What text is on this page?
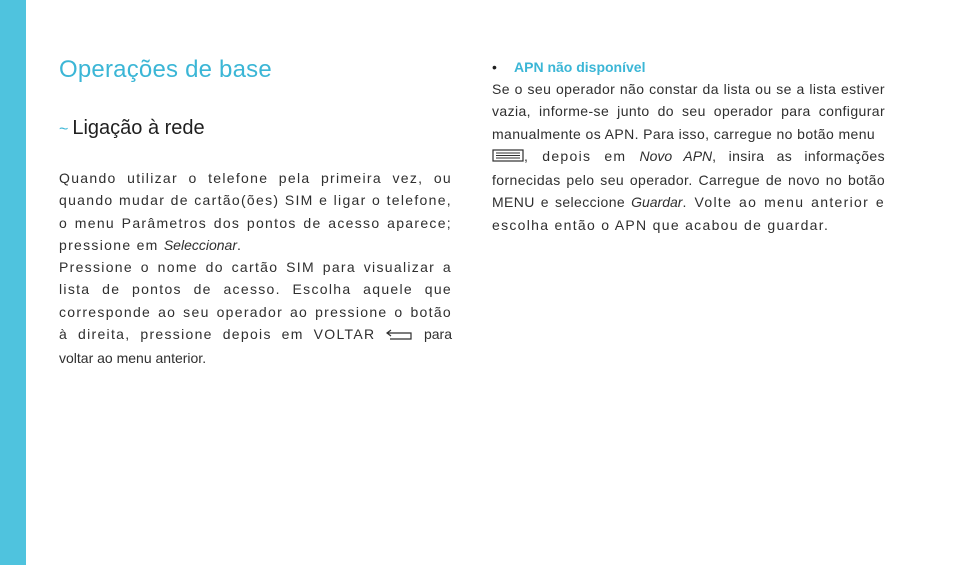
Operações de base
~ Ligação à rede

Quando utilizar o telefone pela primeira vez, ou quando mudar de cartão(ões) SIM e ligar o telefone, o menu Parâmetros dos pontos de acesso aparece; pressione em Seleccionar.

Pressione o nome do cartão SIM para visualizar a lista de pontos de acesso. Escolha aquele que corresponde ao seu operador ao pressione o botão à direita, pressione depois em VOLTAR  para voltar ao menu anterior.

•	APN não disponível

Se o seu operador não constar da lista ou se a lista estiver vazia, informe-se junto do seu operador para configurar manualmente os APN. Para isso, carregue no botão menu
, depois em Novo APN, insira as informações fornecidas pelo seu operador. Carregue de novo no botão MENU e seleccione Guardar. Volte ao menu anterior e escolha então o APN que acabou de guardar.
